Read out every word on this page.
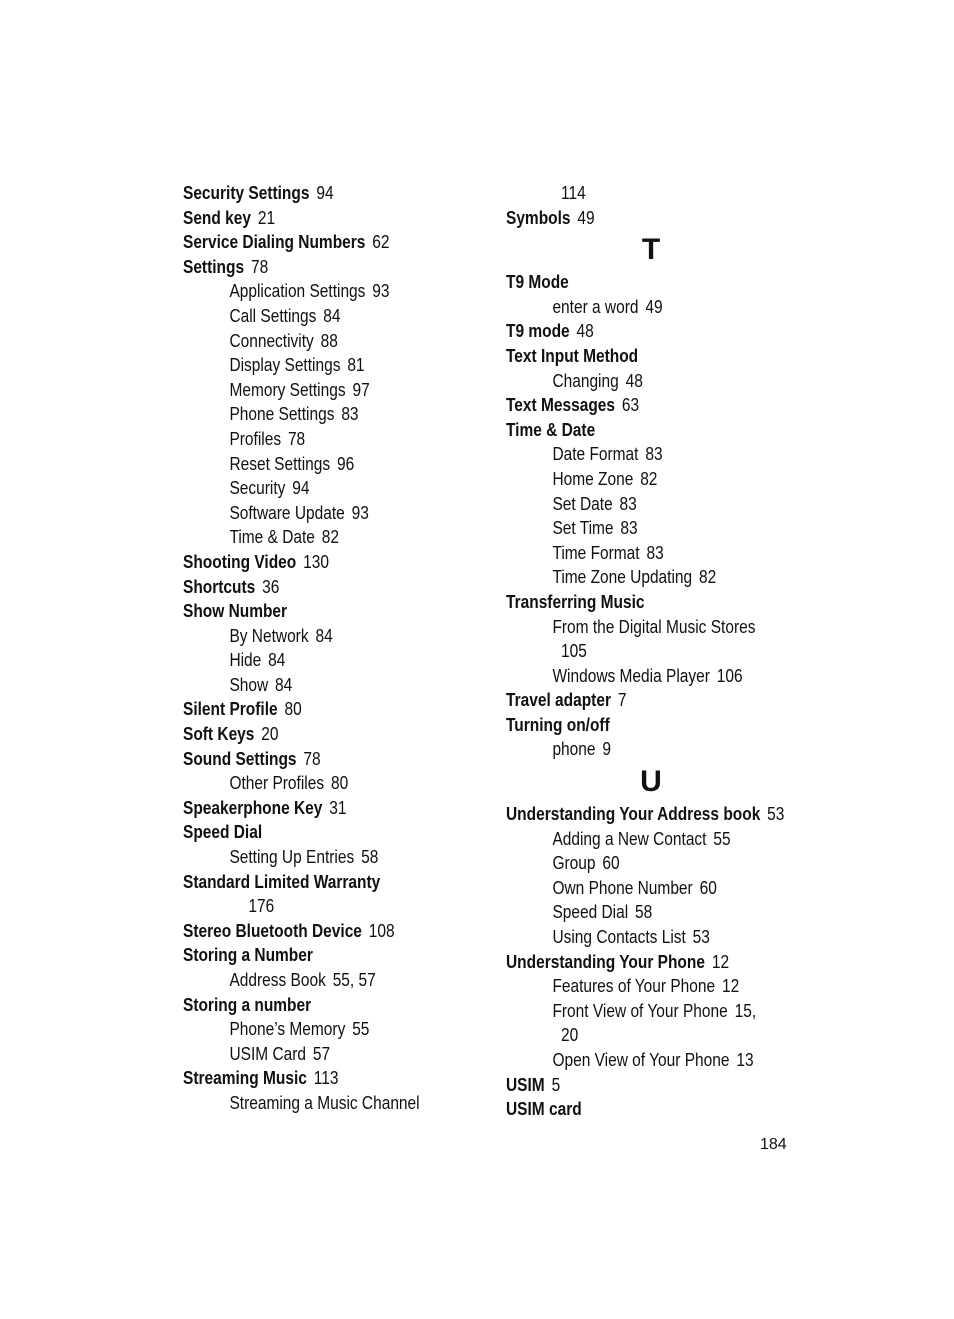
Security Settings 94
Send key 21
Service Dialing Numbers 62
Settings 78
Application Settings 93
Call Settings 84
Connectivity 88
Display Settings 81
Memory Settings 97
Phone Settings 83
Profiles 78
Reset Settings 96
Security 94
Software Update 93
Time & Date 82
Shooting Video 130
Shortcuts 36
Show Number
By Network 84
Hide 84
Show 84
Silent Profile 80
Soft Keys 20
Sound Settings 78
Other Profiles 80
Speakerphone Key 31
Speed Dial
Setting Up Entries 58
Standard Limited Warranty
176
Stereo Bluetooth Device 108
Storing a Number
Address Book 55, 57
Storing a number
Phone’s Memory 55
USIM Card 57
Streaming Music 113
Streaming a Music Channel
114
Symbols 49
T
T9 Mode
enter a word 49
T9 mode 48
Text Input Method
Changing 48
Text Messages 63
Time & Date
Date Format 83
Home Zone 82
Set Date 83
Set Time 83
Time Format 83
Time Zone Updating 82
Transferring Music
From the Digital Music Stores
105
Windows Media Player 106
Travel adapter 7
Turning on/off
phone 9
U
Understanding Your Address book 53
Adding a New Contact 55
Group 60
Own Phone Number 60
Speed Dial 58
Using Contacts List 53
Understanding Your Phone 12
Features of Your Phone 12
Front View of Your Phone 15,
20
Open View of Your Phone 13
USIM 5
USIM card
184
